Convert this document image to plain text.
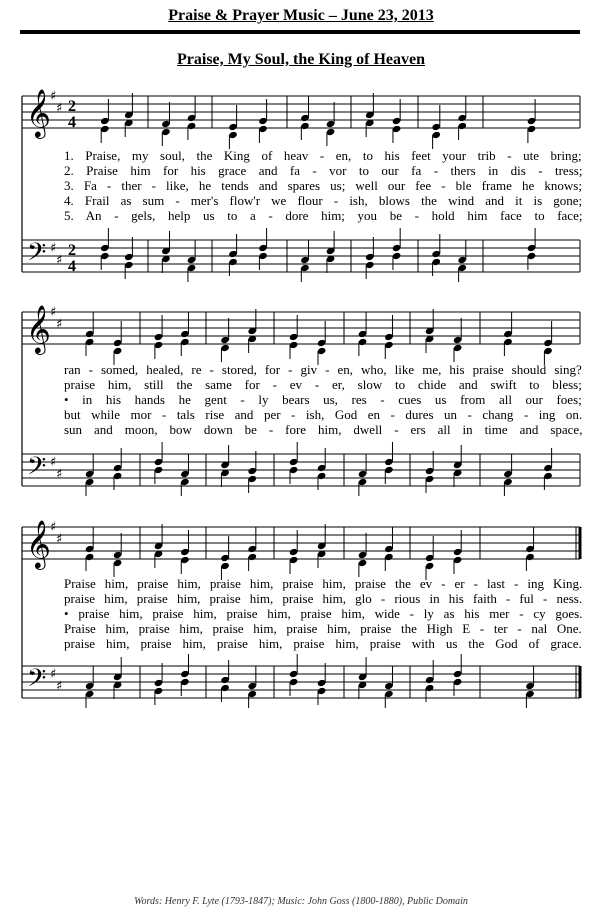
Praise & Prayer Music – June 23, 2013
Praise, My Soul, the King of Heaven
𝄞
𝄢
♯
♯
♯
♯
2
4
2
4
𝄞
𝄢
♯
♯
♯
♯
𝄞
𝄢
♯
♯
♯
♯
1. Praise, my soul, the King of heav - en, to his feet your trib - ute bring;
2. Praise him for his grace and fa - vor to our fa - thers in dis - tress;
3. Fa - ther - like, he tends and spares us; well our fee - ble frame he knows;
4. Frail as sum - mer's flow'r we flour - ish, blows the wind and it is gone;
5. An - gels, help us to a - dore him; you be - hold him face to face;
ran - somed, healed, re - stored, for - giv - en, who, like me, his praise should sing?
praise him, still the same for - ev - er, slow to chide and swift to bless;
• in his hands he gent - ly bears us, res - cues us from all our foes;
but while mor - tals rise and per - ish, God en - dures un - chang - ing on.
sun and moon, bow down be - fore him, dwell - ers all in time and space,
Praise him, praise him, praise him, praise him, praise the ev - er - last - ing King.
praise him, praise him, praise him, praise him, glo - rious in his faith - ful - ness.
• praise him, praise him, praise him, praise him, wide - ly as his mer - cy goes.
Praise him, praise him, praise him, praise him, praise the High E - ter - nal One.
praise him, praise him, praise him, praise him, praise with us the God of grace.
Words: Henry F. Lyte (1793-1847); Music: John Goss (1800-1880), Public Domain
